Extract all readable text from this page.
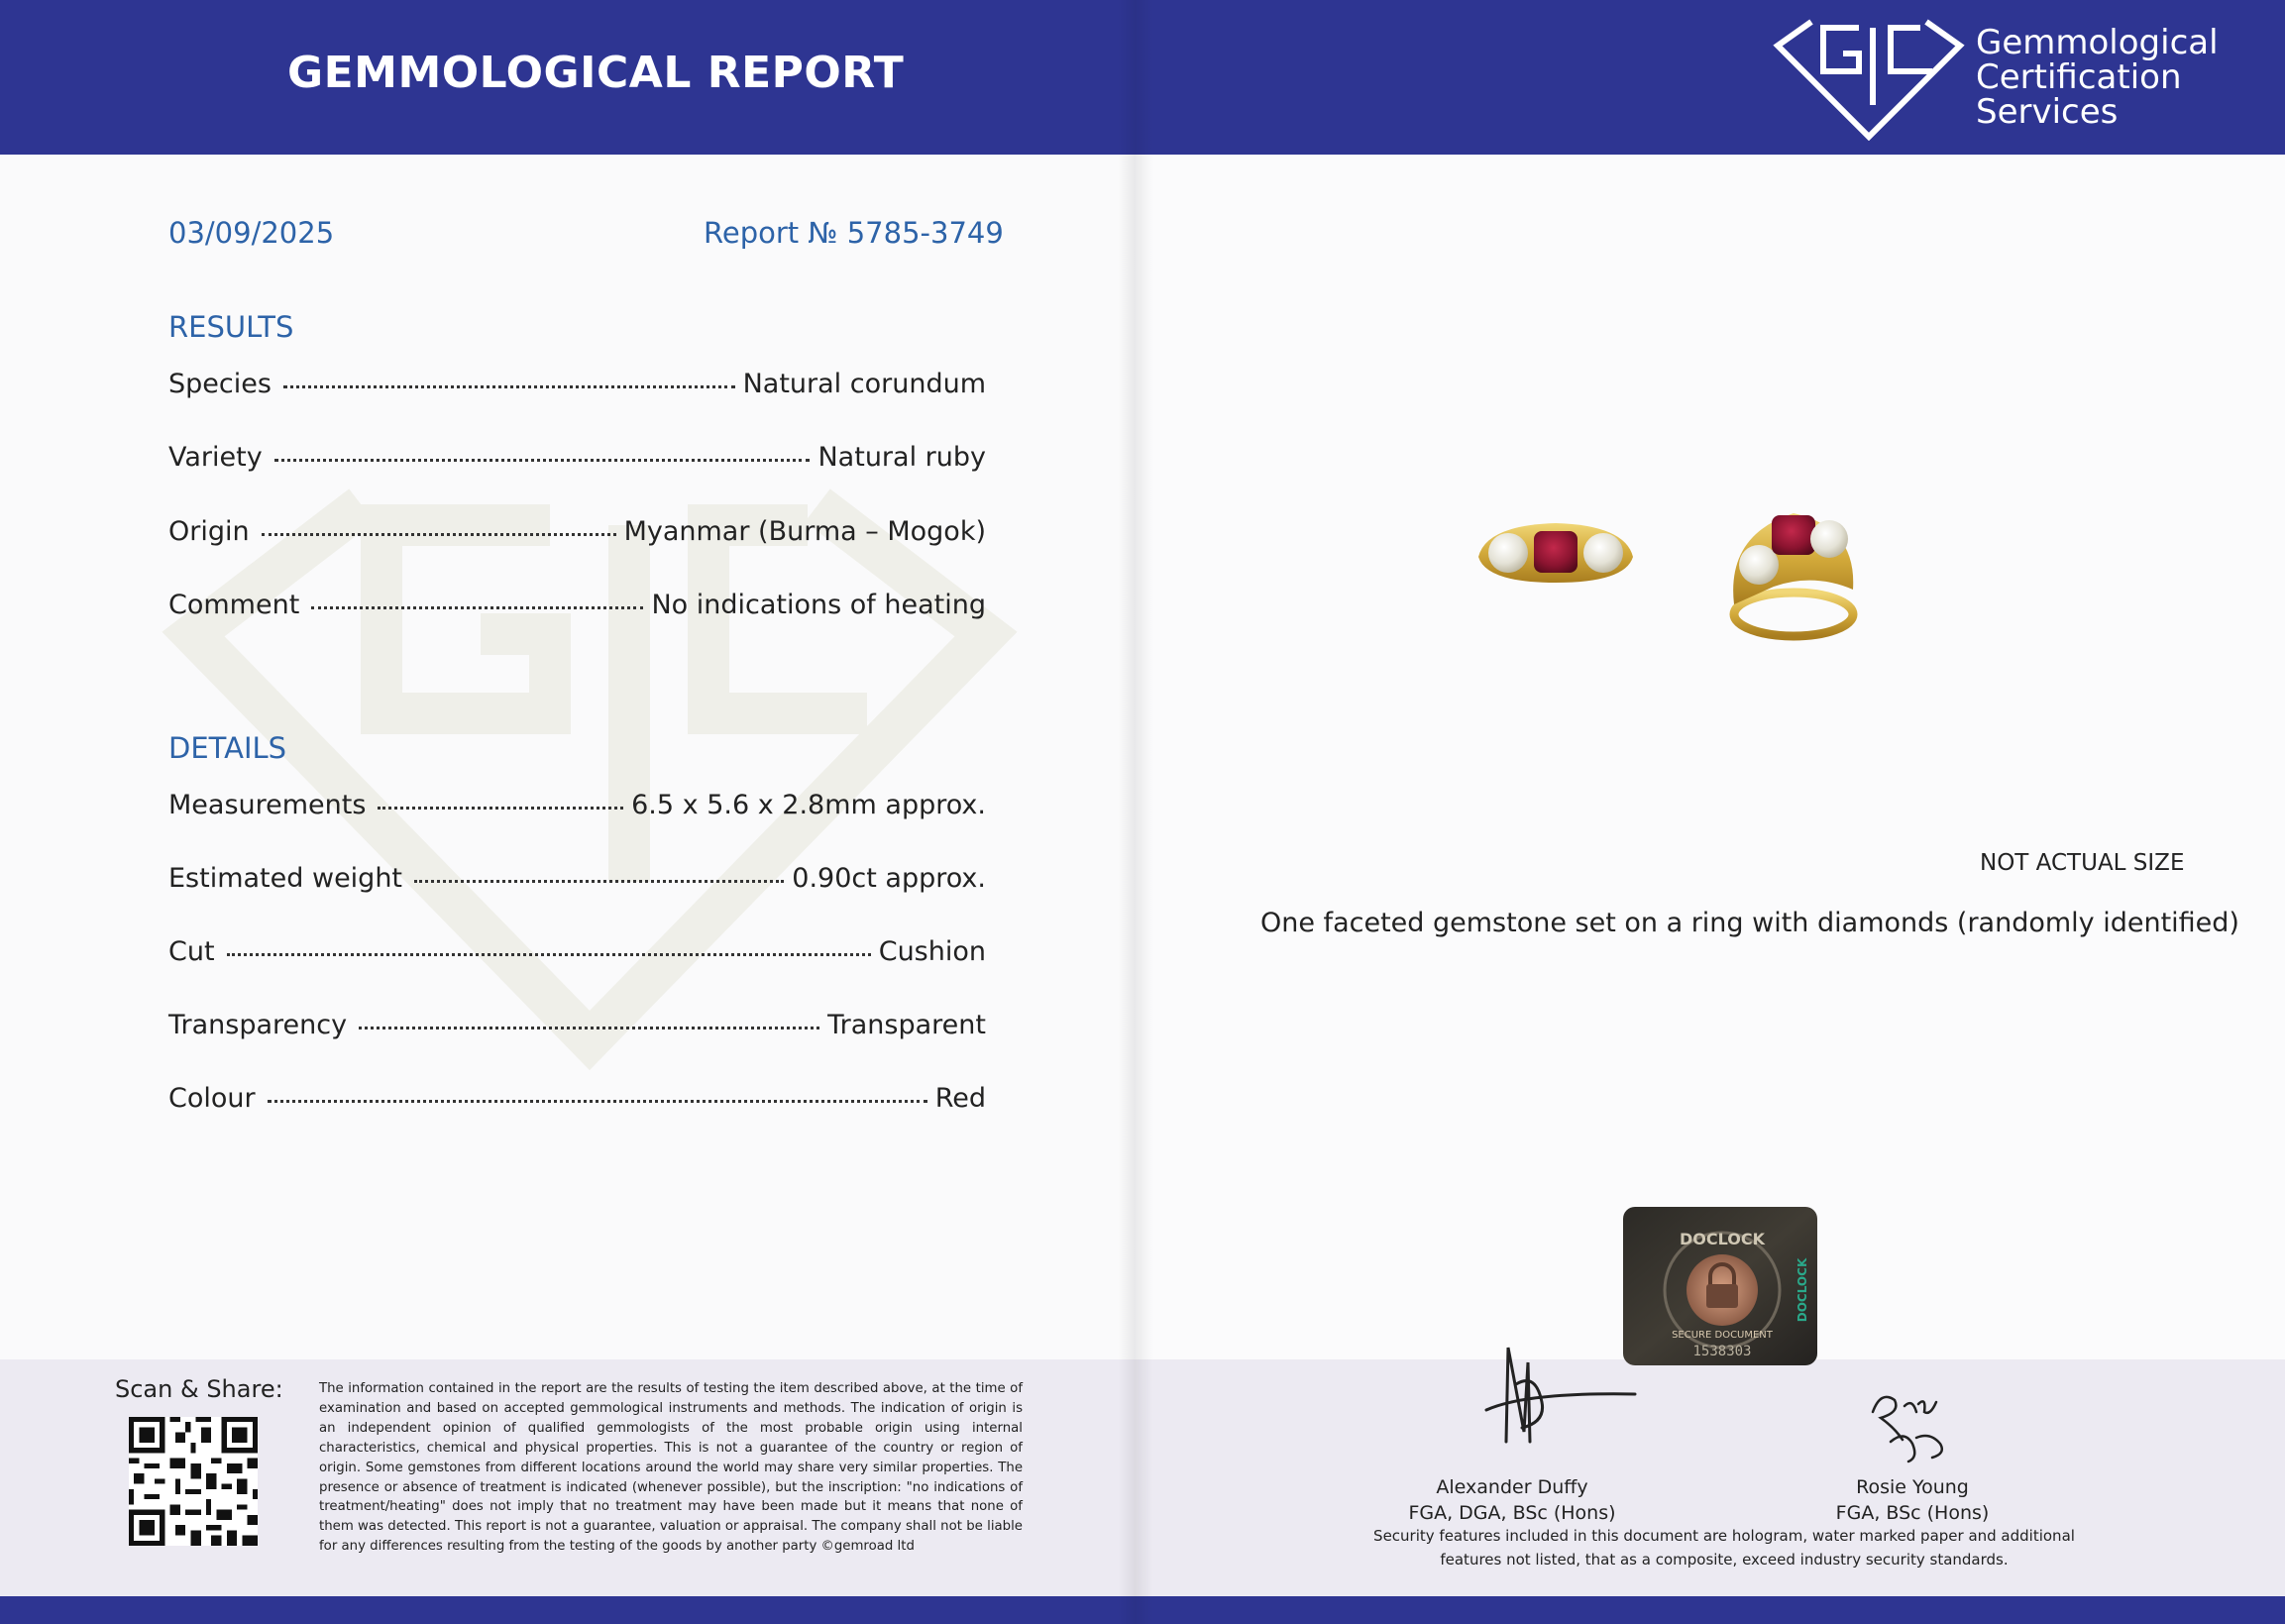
GEMMOLOGICAL REPORT
03/09/2025	Report № 5785-3749
RESULTS
Species	Natural corundum
Variety	Natural ruby
Origin	Myanmar (Burma – Mogok)
Comment	No indications of heating
DETAILS
Measurements	6.5 x 5.6 x 2.8mm approx.
Estimated weight	0.90ct approx.
Cut	Cushion
Transparency	Transparent
Colour	Red
Scan & Share:	The information contained in the report are the results of testing the item described above, at the time of examination and based on accepted gemmological instruments and methods. The indication of origin is an independent opinion of qualified gemmologists of the most probable origin using internal characteristics, chemical and physical properties. This is not a guarantee of the country or region of origin. Some gemstones from different locations around the world may share very similar properties. The presence or absence of treatment is indicated (whenever possible), but the inscription: "no indications of treatment/heating" does not imply that no treatment may have been made but it means that none of them was detected. This report is not a guarantee, valuation or appraisal. The company shall not be liable for any differences resulting from the testing of the goods by another party ©gemroad ltd
Gemmological
Certification
Services
NOT ACTUAL SIZE
One faceted gemstone set on a ring with diamonds (randomly identified)
DOCLOCK
1538303
DOCLOCK
SECURE DOCUMENT
Alexander Duffy
FGA, DGA, BSc (Hons)
Rosie Young
FGA, BSc (Hons)
Security features included in this document are hologram, water marked paper and additional features not listed, that as a composite, exceed industry security standards.
